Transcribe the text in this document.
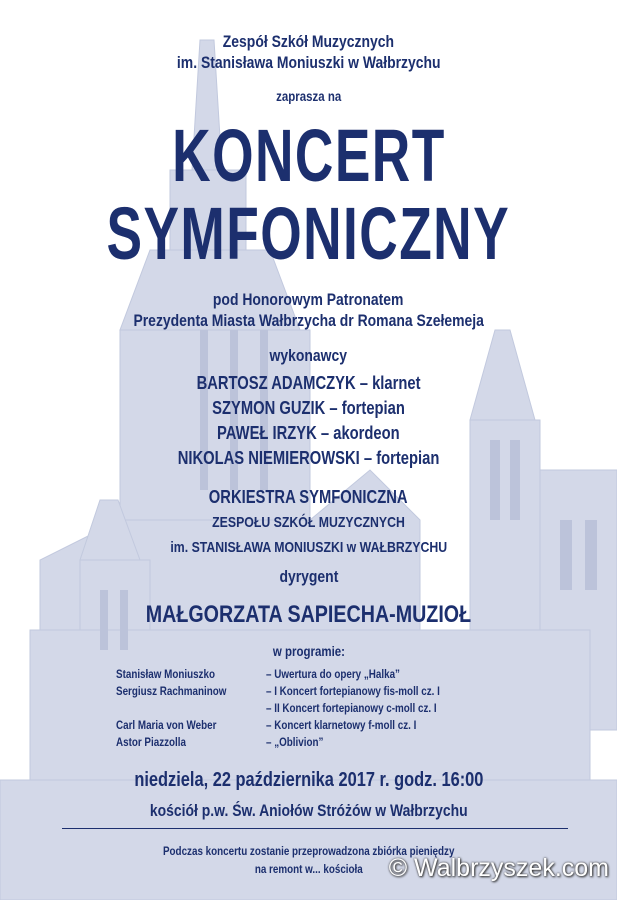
Zespół Szkół Muzycznych
im. Stanisława Moniuszki w Wałbrzychu
zaprasza na
KONCERT
SYMFONICZNY
pod Honorowym Patronatem
Prezydenta Miasta Wałbrzycha dr Romana Szełemeja
wykonawcy
BARTOSZ ADAMCZYK – klarnet
SZYMON GUZIK – fortepian
PAWEŁ IRZYK – akordeon
NIKOLAS NIEMIEROWSKI – fortepian
ORKIESTRA SYMFONICZNA
ZESPOŁU SZKÓŁ MUZYCZNYCH
im. STANISŁAWA MONIUSZKI w WAŁBRZYCHU
dyrygent
MAŁGORZATA SAPIECHA-MUZIOŁ
w programie:
Stanisław Moniuszko	– Uwertura do opery „Halka”
Sergiusz Rachmaninow	– I Koncert fortepianowy fis-moll cz. I
– II Koncert fortepianowy c-moll cz. I
Carl Maria von Weber	– Koncert klarnetowy f-moll cz. I
Astor Piazzolla	– „Oblivion”
niedziela, 22 października 2017 r. godz. 16:00
kościół p.w. Św. Aniołów Stróżów w Wałbrzychu
Podczas koncertu zostanie przeprowadzona zbiórka pieniędzy
na remont w... kościoła	© Walbrzyszek.com
